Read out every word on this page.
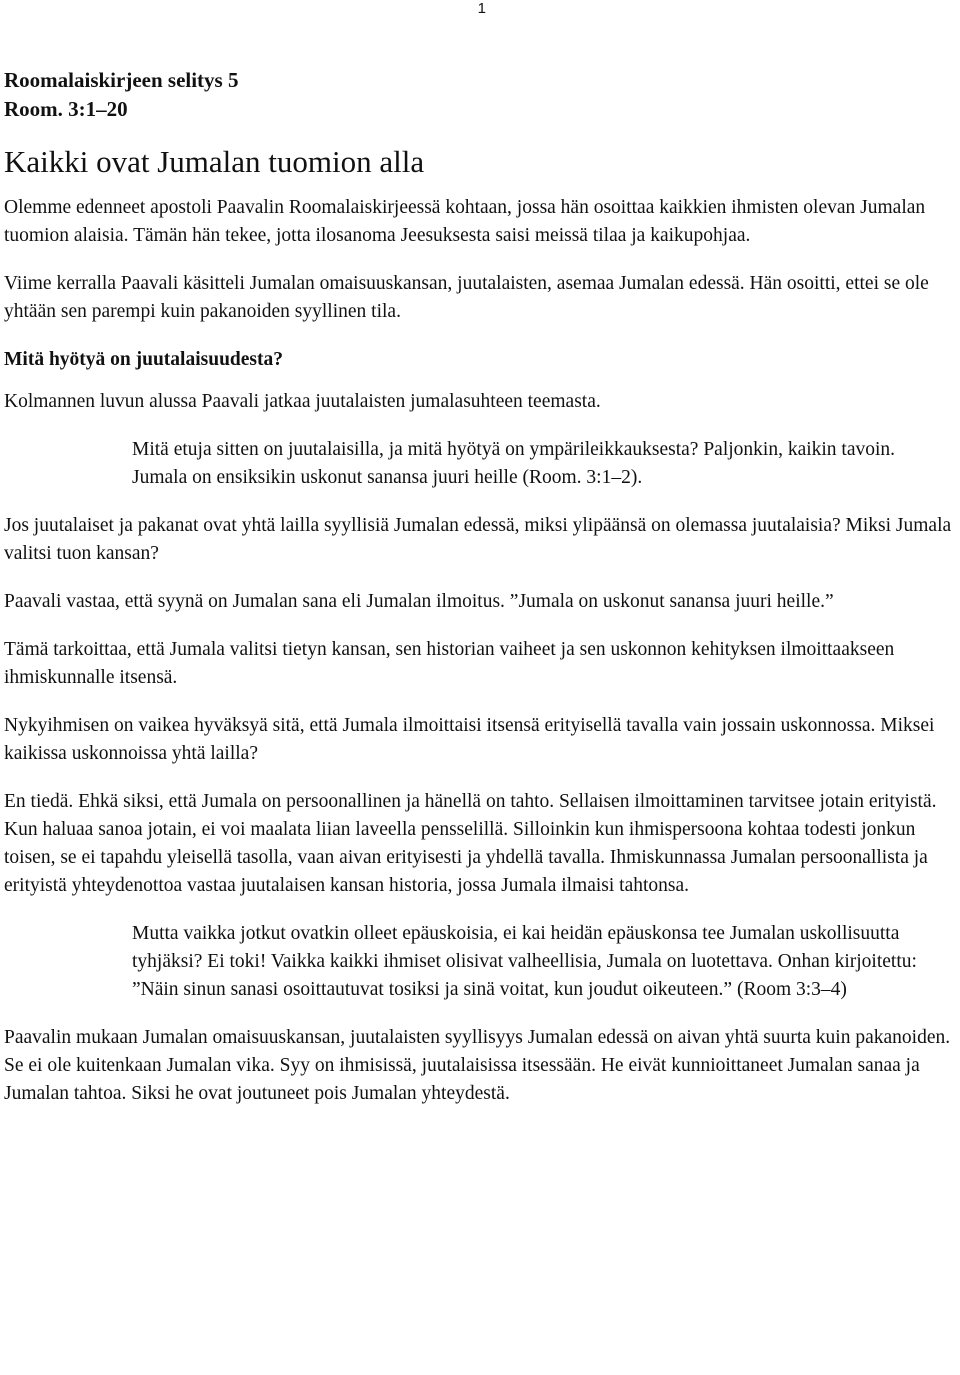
1

Roomalaiskirjeen selitys 5

Room. 3:1–20

Kaikki ovat Jumalan tuomion alla

Olemme edenneet apostoli Paavalin Roomalaiskirjeessä kohtaan, jossa hän osoittaa kaikkien ihmisten olevan Jumalan tuomion alaisia. Tämän hän tekee, jotta ilosanoma Jeesuksesta saisi meissä tilaa ja kaikupohjaa.

Viime kerralla Paavali käsitteli Jumalan omaisuuskansan, juutalaisten, asemaa Jumalan edessä. Hän osoitti, ettei se ole yhtään sen parempi kuin pakanoiden syyllinen tila.

Mitä hyötyä on juutalaisuudesta?

Kolmannen luvun alussa Paavali jatkaa juutalaisten jumalasuhteen teemasta.

Mitä etuja sitten on juutalaisilla, ja mitä hyötyä on ympärileikkauksesta? Paljonkin, kaikin tavoin. Jumala on ensiksikin uskonut sanansa juuri heille (Room. 3:1–2).

Jos juutalaiset ja pakanat ovat yhtä lailla syyllisiä Jumalan edessä, miksi ylipäänsä on olemassa juutalaisia? Miksi Jumala valitsi tuon kansan?

Paavali vastaa, että syynä on Jumalan sana eli Jumalan ilmoitus. ”Jumala on uskonut sanansa juuri heille.”

Tämä tarkoittaa, että Jumala valitsi tietyn kansan, sen historian vaiheet ja sen uskonnon kehityksen ilmoittaakseen ihmiskunnalle itsensä.

Nykyihmisen on vaikea hyväksyä sitä, että Jumala ilmoittaisi itsensä erityisellä tavalla vain jossain uskonnossa. Miksei kaikissa uskonnoissa yhtä lailla?

En tiedä. Ehkä siksi, että Jumala on persoonallinen ja hänellä on tahto. Sellaisen ilmoittaminen tarvitsee jotain erityistä. Kun haluaa sanoa jotain, ei voi maalata liian laveella pensselillä. Silloinkin kun ihmispersoona kohtaa todesti jonkun toisen, se ei tapahdu yleisellä tasolla, vaan aivan erityisesti ja yhdellä tavalla. Ihmiskunnassa Jumalan persoonallista ja erityistä yhteydenottoa vastaa juutalaisen kansan historia, jossa Jumala ilmaisi tahtonsa.

Mutta vaikka jotkut ovatkin olleet epäuskoisia, ei kai heidän epäuskonsa tee Jumalan uskollisuutta tyhjäksi? Ei toki! Vaikka kaikki ihmiset olisivat valheellisia, Jumala on luotettava. Onhan kirjoitettu: ”Näin sinun sanasi osoittautuvat tosiksi ja sinä voitat, kun joudut oikeuteen.” (Room 3:3–4)

Paavalin mukaan Jumalan omaisuuskansan, juutalaisten syyllisyys Jumalan edessä on aivan yhtä suurta kuin pakanoiden. Se ei ole kuitenkaan Jumalan vika. Syy on ihmisissä, juutalaisissa itsessään. He eivät kunnioittaneet Jumalan sanaa ja Jumalan tahtoa. Siksi he ovat joutuneet pois Jumalan yhteydestä.
